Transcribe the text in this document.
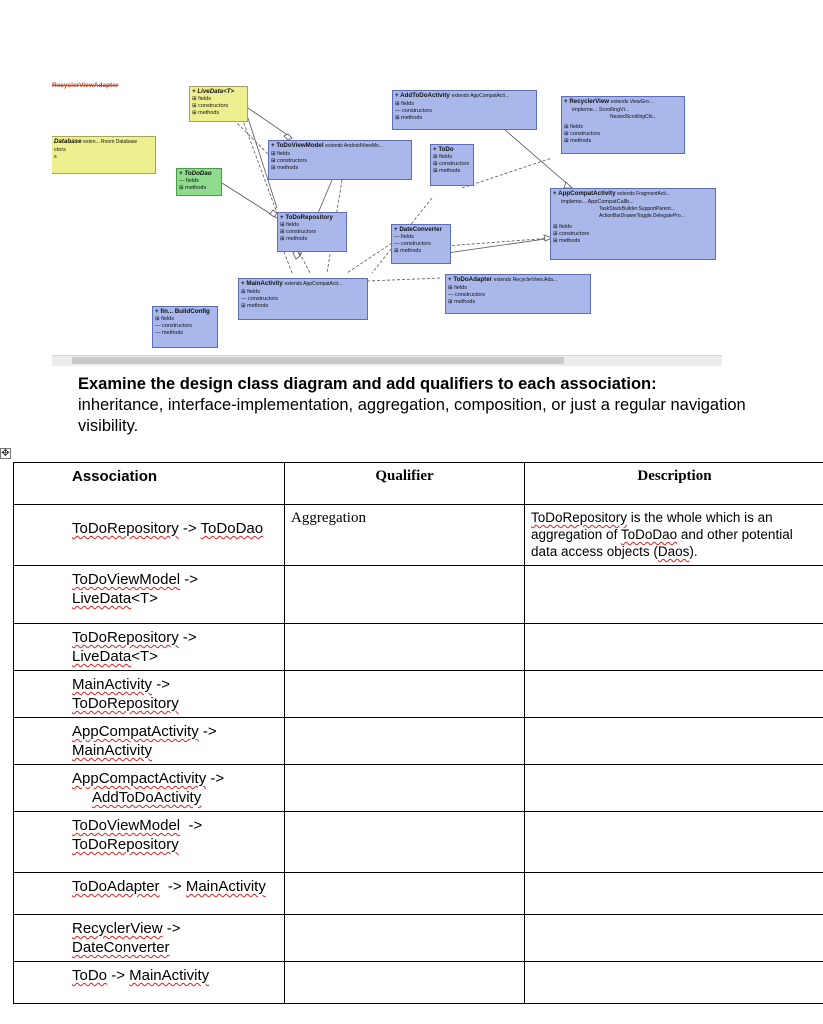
RecyclerViewAdapter
+ LiveData<T>
⊞ fields
⊞ constructors
⊞ methods
Database exten... Room Database
ctors
s
+ ToDoDao
— fields
⊞ methods
+ ToDoViewModel extends AndroidViewMo...
⊞ fields
⊞ constructors
⊞ methods
+ AddToDoActivity extends AppCompatActi...
⊞ fields
— constructors
⊞ methods
+ ToDo
⊞ fields
⊞ constructors
⊞ methods
+ RecyclerView extends ViewGro...
impleme... ScrollingVi...
NestedScrollingChi...
⊞ fields
⊞ constructors
⊞ methods
+ ToDoRepository
⊞ fields
⊞ constructors
⊞ methods
+ DateConverter
— fields
— constructors
⊞ methods
+ AppCompatActivity extends FragmentActi...
impleme... AppCompatCallb...
TaskStackBuilder.SupportParent...
ActionBarDrawerToggle.DelegatePro...
⊞ fields
⊞ constructors
⊞ methods
+ MainActivity extends AppCompatActi...
⊞ fields
— constructors
⊞ methods
+ ToDoAdapter extends RecyclerView.Ada...
⊞ fields
— constructors
⊞ methods
+ fin... BuildConfig
⊞ fields
— constructors
— methods
Examine the design class diagram and add qualifiers to each association:
inheritance, interface-implementation, aggregation, composition, or just a regular navigation visibility.
✥
Association	Qualifier	Description
ToDoRepository -> ToDoDao	Aggregation	ToDoRepository is the whole which is an aggregation of ToDoDao and other potential data access objects (Daos).
ToDoViewModel ->
LiveData<T>		
ToDoRepository ->
LiveData<T>		
MainActivity ->
ToDoRepository		
AppCompatActivity ->
MainActivity		
AppCompactActivity ->
AddToDoActivity		
ToDoViewModel  ->
ToDoRepository		
ToDoAdapter  -> MainActivity		
RecyclerView ->
DateConverter		
ToDo -> MainActivity		
